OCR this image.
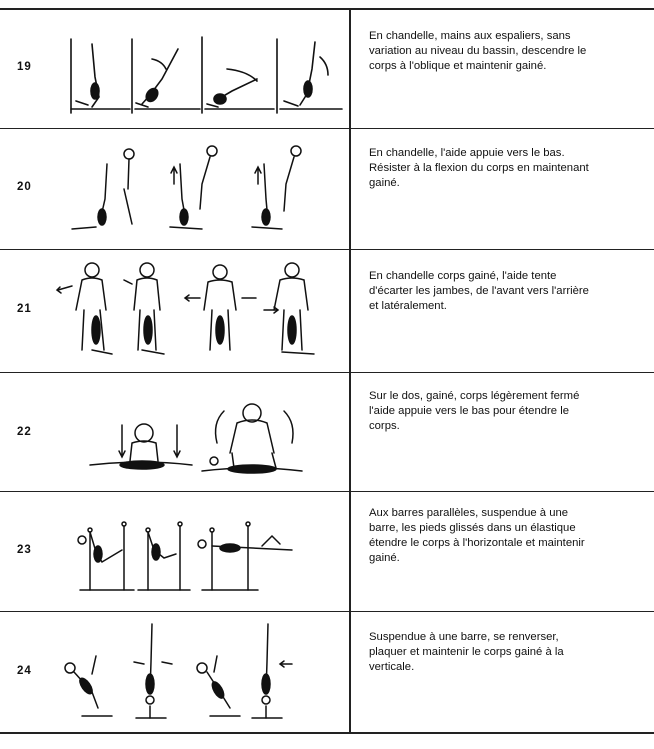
19

En chandelle, mains aux espaliers, sans

variation au niveau du bassin, descendre le

corps à l'oblique et maintenir gainé.

20

En chandelle, l'aide appuie vers le bas.

Résister à la flexion du corps en maintenant

gainé.

21

En chandelle corps gainé, l'aide tente

d'écarter les jambes, de l'avant vers l'arrière

et latéralement.

22

Sur le dos, gainé, corps légèrement fermé

l'aide appuie vers le bas pour étendre le

corps.

23

Aux barres parallèles, suspendue à une

barre, les pieds glissés dans un élastique

étendre le corps à l'horizontale et maintenir

gainé.

24

Suspendue à une barre, se renverser,

plaquer et maintenir le corps gainé à la

verticale.
